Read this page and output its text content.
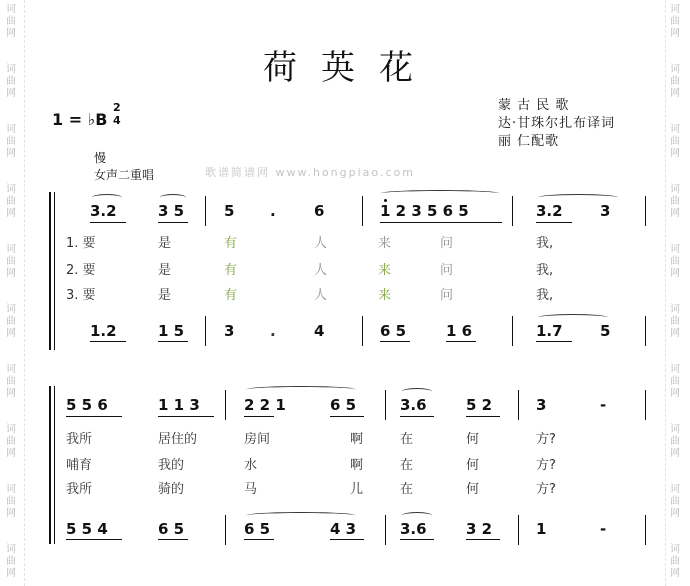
词
曲
网
词
曲
网
词
曲
网
词
曲
网
词
曲
网
词
曲
网
词
曲
网
词
曲
网
词
曲
网
词
曲
网
词
曲
网
词
曲
网
词
曲
网
词
曲
网
词
曲
网
词
曲
网
词
曲
网
词
曲
网
词
曲
网
词
曲
网
荷英花
1 = ♭B
2
4
蒙 古 民 歌
达·甘珠尔扎布译词
丽 仁配歌
慢
女声二重唱	歌谱简谱网 www.hongpiao.com
3.2	3 5	5 .	6	1 2 3 5 6 5	3.2 3
1. 要	是	有	人	来	问	我,
2. 要	是	有	人	来	问	我,
3. 要	是	有	人	来	问	我,
1.2	1 5	3 .	4	6 5	1 6	1.7 5
5 5 6	1 1 3	2 2 1	6 5	3.6	5 2	3	-
我所	居住的	房间	啊	在	何	方?
哺育	我的	水	啊	在	何	方?
我所	骑的	马	儿	在	何	方?
5 5 4	6 5	6 5	4 3	3.6	3 2	1	-
